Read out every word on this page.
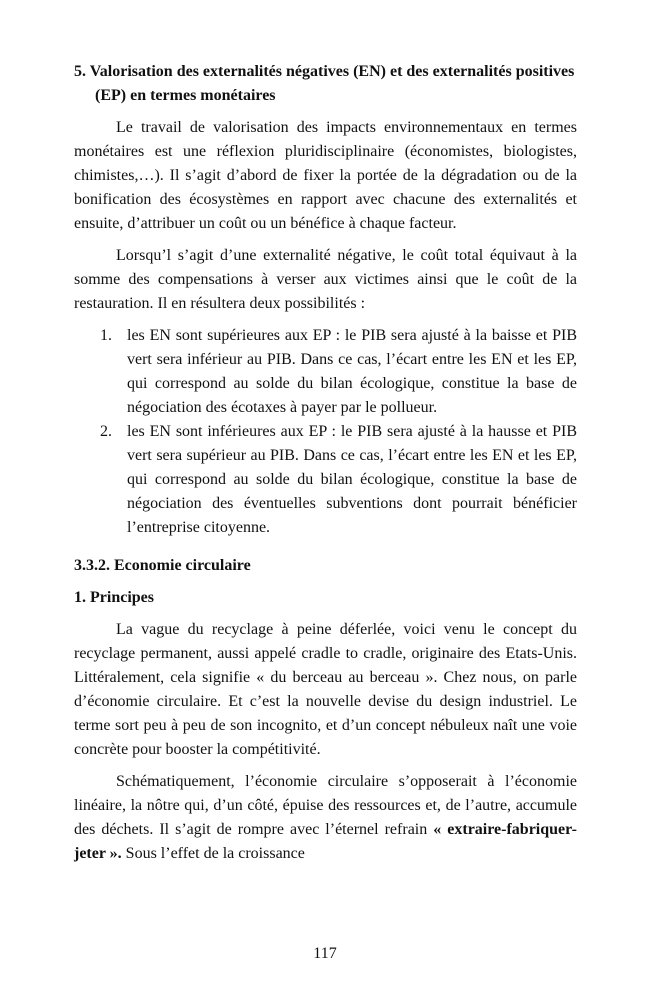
5. Valorisation des externalités négatives (EN) et des externalités positives (EP) en termes monétaires

Le travail de valorisation des impacts environnementaux en termes monétaires est une réflexion pluridisciplinaire (économistes, biologistes, chimistes,…). Il s’agit d’abord de fixer la portée de la dégradation ou de la bonification des écosystèmes en rapport avec chacune des externalités et ensuite, d’attribuer un coût ou un bénéfice à chaque facteur.

Lorsqu’l s’agit d’une externalité négative, le coût total équivaut à la somme des compensations à verser aux victimes ainsi que le coût de la restauration. Il en résultera deux possibilités :

1. les EN sont supérieures aux EP : le PIB sera ajusté à la baisse et PIB vert sera inférieur au PIB. Dans ce cas, l’écart entre les EN et les EP, qui correspond au solde du bilan écologique, constitue la base de négociation des écotaxes à payer par le pollueur.
2. les EN sont inférieures aux EP : le PIB sera ajusté à la hausse et PIB vert sera supérieur au PIB. Dans ce cas, l’écart entre les EN et les EP, qui correspond au solde du bilan écologique, constitue la base de négociation des éventuelles subventions dont pourrait bénéficier l’entreprise citoyenne.

3.3.2. Economie circulaire

1. Principes

La vague du recyclage à peine déferlée, voici venu le concept du recyclage permanent, aussi appelé cradle to cradle, originaire des Etats-Unis. Littéralement, cela signifie « du berceau au berceau ». Chez nous, on parle d’économie circulaire. Et c’est la nouvelle devise du design industriel. Le terme sort peu à peu de son incognito, et d’un concept nébuleux naît une voie concrète pour booster la compétitivité.

Schématiquement, l’économie circulaire s’opposerait à l’économie linéaire, la nôtre qui, d’un côté, épuise des ressources et, de l’autre, accumule des déchets. Il s’agit de rompre avec l’éternel refrain « extraire-fabriquer-jeter ». Sous l’effet de la croissance

117
